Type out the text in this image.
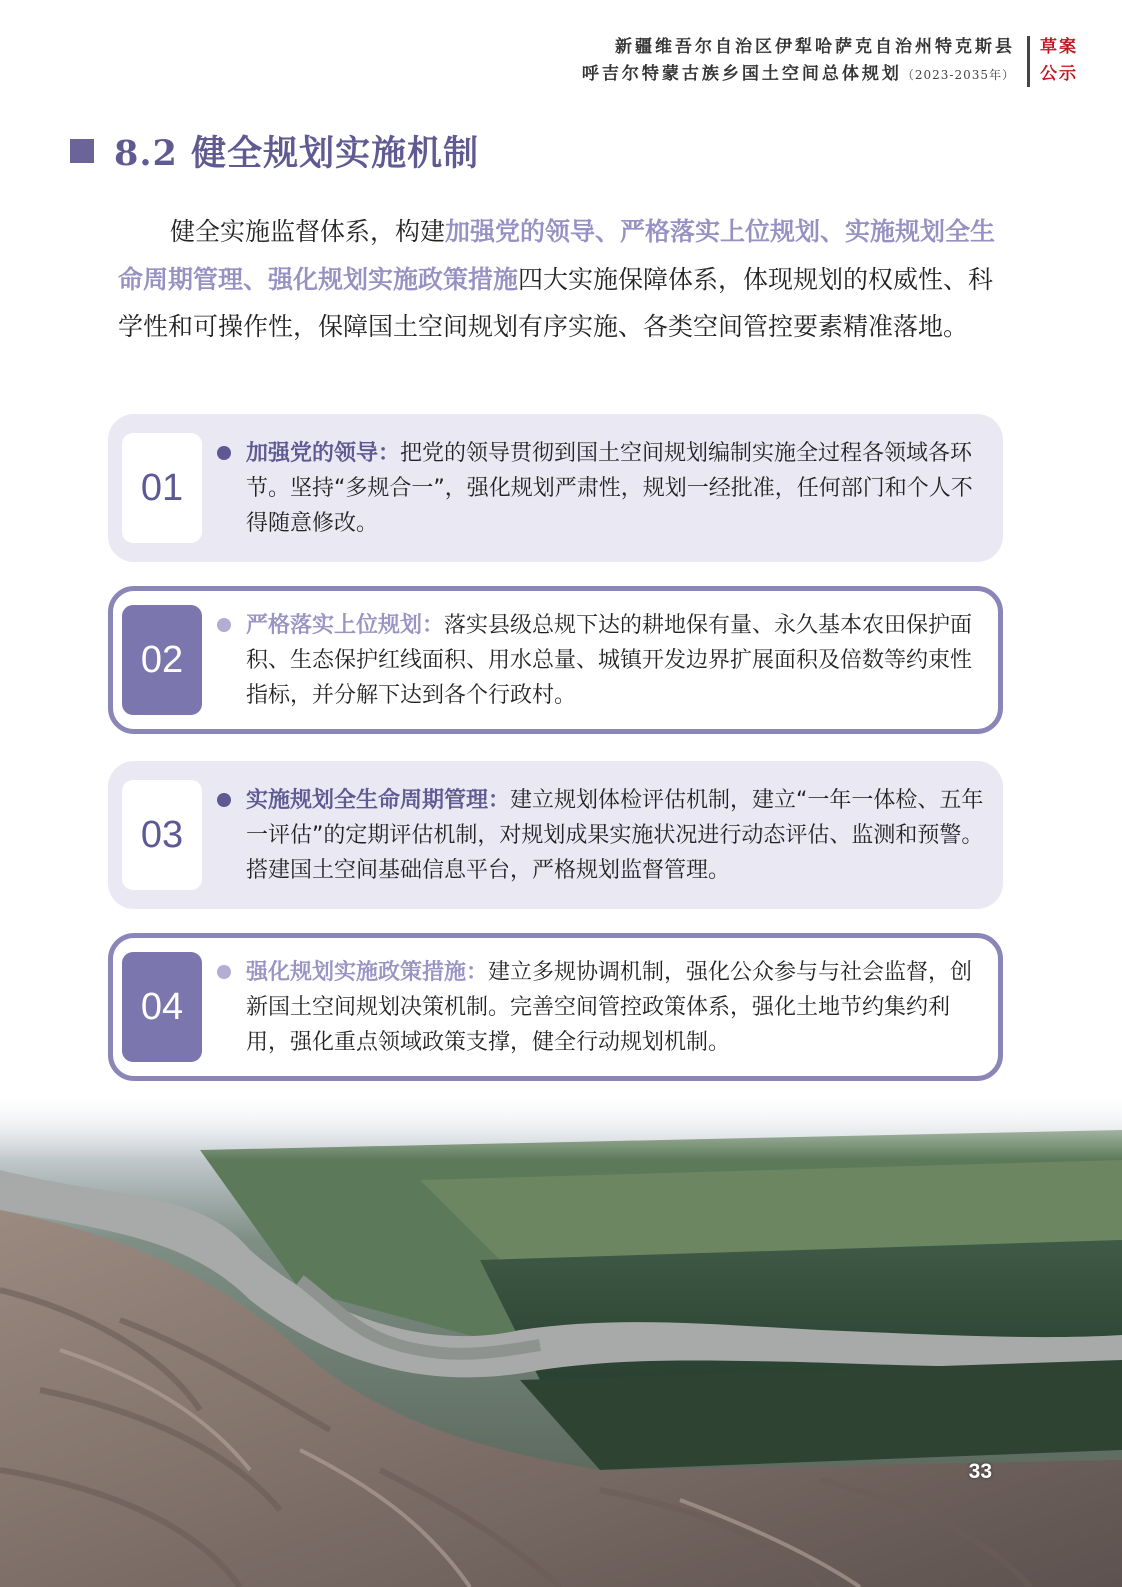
新疆维吾尔自治区伊犁哈萨克自治州特克斯县
呼吉尔特蒙古族乡国土空间总体规划（2023-2035年）
草案
公示
8.2 健全规划实施机制

健全实施监督体系，构建加强党的领导、严格落实上位规划、实施规划全生命周期管理、强化规划实施政策措施四大实施保障体系，体现规划的权威性、科学性和可操作性，保障国土空间规划有序实施、各类空间管控要素精准落地。

01

加强党的领导：把党的领导贯彻到国土空间规划编制实施全过程各领域各环节。坚持“多规合一”，强化规划严肃性，规划一经批准，任何部门和个人不得随意修改。

02

严格落实上位规划：落实县级总规下达的耕地保有量、永久基本农田保护面积、生态保护红线面积、用水总量、城镇开发边界扩展面积及倍数等约束性指标，并分解下达到各个行政村。

03

实施规划全生命周期管理：建立规划体检评估机制，建立“一年一体检、五年一评估”的定期评估机制，对规划成果实施状况进行动态评估、监测和预警。搭建国土空间基础信息平台，严格规划监督管理。

04

强化规划实施政策措施：建立多规协调机制，强化公众参与与社会监督，创新国土空间规划决策机制。完善空间管控政策体系，强化土地节约集约利用，强化重点领域政策支撑，健全行动规划机制。

33
